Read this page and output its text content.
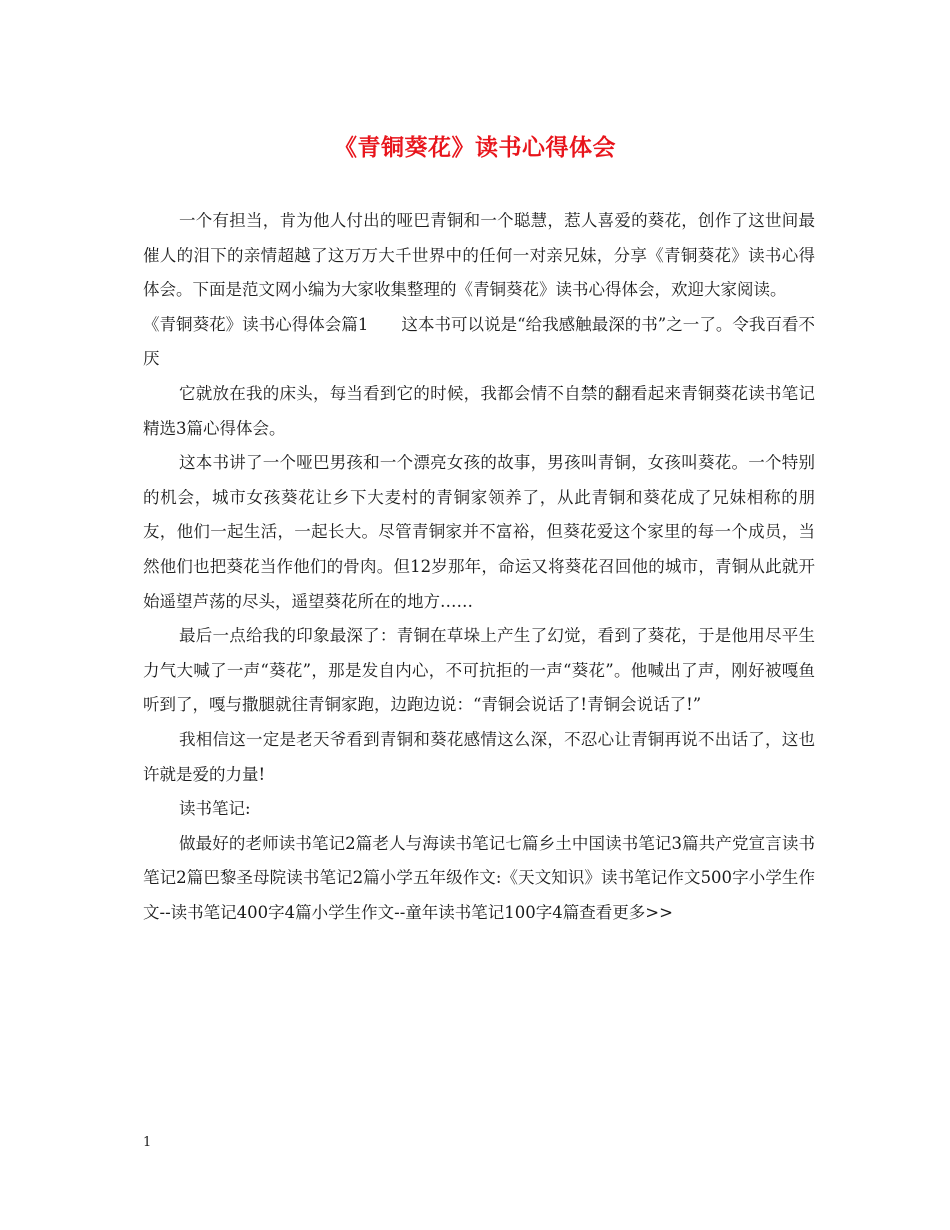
《青铜葵花》读书心得体会

一个有担当，肯为他人付出的哑巴青铜和一个聪慧，惹人喜爱的葵花，创作了这世间最催人的泪下的亲情超越了这万万大千世界中的任何一对亲兄妹，分享《青铜葵花》读书心得体会。下面是范文网小编为大家收集整理的《青铜葵花》读书心得体会，欢迎大家阅读。

《青铜葵花》读书心得体会篇1　　这本书可以说是“给我感触最深的书”之一了。令我百看不厌

它就放在我的床头，每当看到它的时候，我都会情不自禁的翻看起来青铜葵花读书笔记精选3篇心得体会。

这本书讲了一个哑巴男孩和一个漂亮女孩的故事，男孩叫青铜，女孩叫葵花。一个特别的机会，城市女孩葵花让乡下大麦村的青铜家领养了，从此青铜和葵花成了兄妹相称的朋友，他们一起生活，一起长大。尽管青铜家并不富裕，但葵花爱这个家里的每一个成员，当然他们也把葵花当作他们的骨肉。但12岁那年，命运又将葵花召回他的城市，青铜从此就开始遥望芦荡的尽头，遥望葵花所在的地方……

最后一点给我的印象最深了：青铜在草垛上产生了幻觉，看到了葵花，于是他用尽平生力气大喊了一声“葵花”，那是发自内心，不可抗拒的一声“葵花”。他喊出了声，刚好被嘎鱼听到了，嘎与撒腿就往青铜家跑，边跑边说：“青铜会说话了!青铜会说话了!”

我相信这一定是老天爷看到青铜和葵花感情这么深，不忍心让青铜再说不出话了，这也许就是爱的力量!

读书笔记:

做最好的老师读书笔记2篇老人与海读书笔记七篇乡土中国读书笔记3篇共产党宣言读书笔记2篇巴黎圣母院读书笔记2篇小学五年级作文:《天文知识》读书笔记作文500字小学生作文--读书笔记400字4篇小学生作文--童年读书笔记100字4篇查看更多>>

1
